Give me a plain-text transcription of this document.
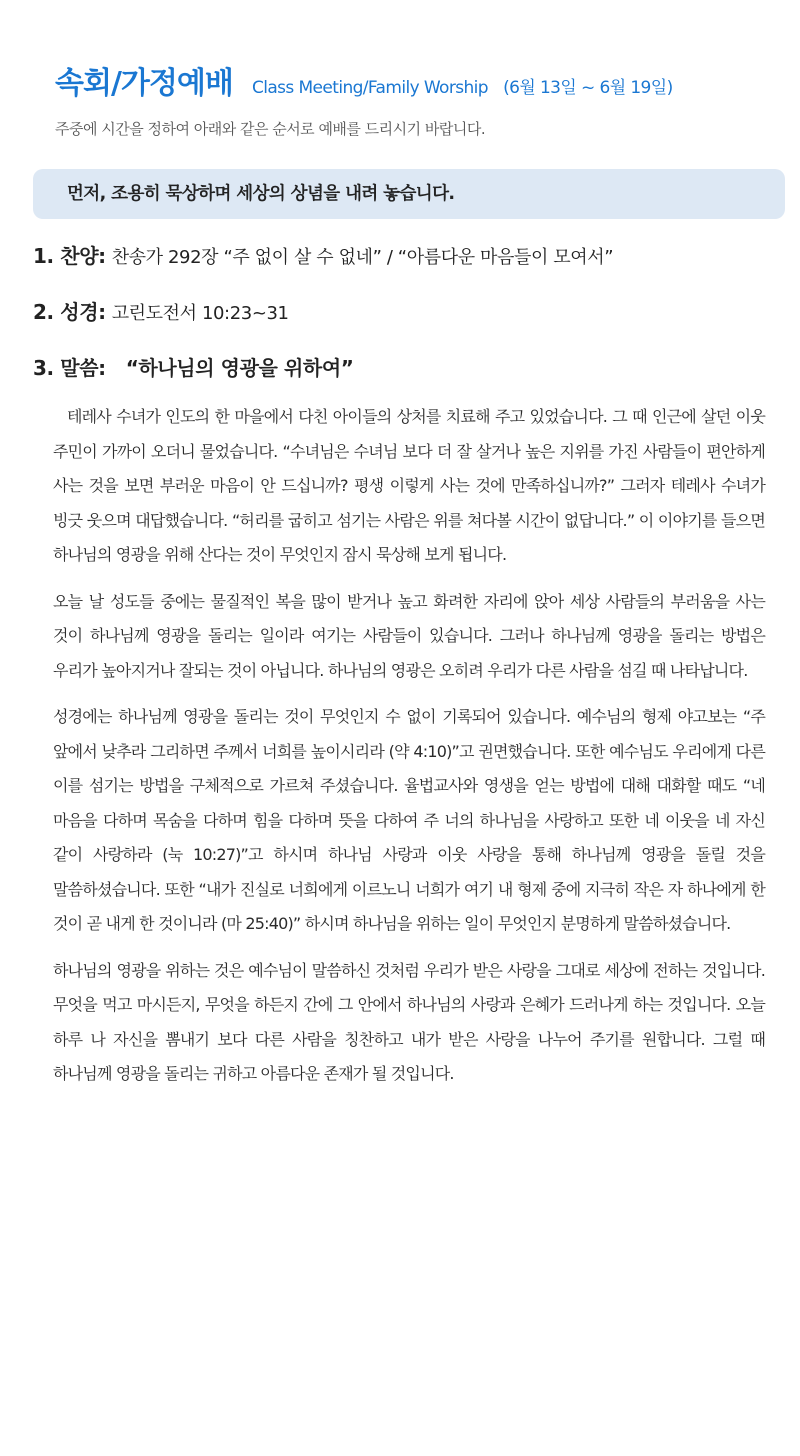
속회/가정예배 Class Meeting/Family Worship (6월 13일 ~ 6월 19일)
주중에 시간을 정하여 아래와 같은 순서로 예배를 드리시기 바랍니다.
먼저, 조용히 묵상하며 세상의 상념을 내려 놓습니다.
1. 찬양: 찬송가 292장 “주 없이 살 수 없네” / “아름다운 마음들이 모여서”
2. 성경: 고린도전서 10:23~31
3. 말씀: “하나님의 영광을 위하여”

테레사 수녀가 인도의 한 마을에서 다친 아이들의 상처를 치료해 주고 있었습니다. 그 때 인근에 살던 이웃 주민이 가까이 오더니 물었습니다. “수녀님은 수녀님 보다 더 잘 살거나 높은 지위를 가진 사람들이 편안하게 사는 것을 보면 부러운 마음이 안 드십니까? 평생 이렇게 사는 것에 만족하십니까?” 그러자 테레사 수녀가 빙긋 웃으며 대답했습니다. “허리를 굽히고 섬기는 사람은 위를 쳐다볼 시간이 없답니다.” 이 이야기를 들으면 하나님의 영광을 위해 산다는 것이 무엇인지 잠시 묵상해 보게 됩니다.

오늘 날 성도들 중에는 물질적인 복을 많이 받거나 높고 화려한 자리에 앉아 세상 사람들의 부러움을 사는 것이 하나님께 영광을 돌리는 일이라 여기는 사람들이 있습니다. 그러나 하나님께 영광을 돌리는 방법은 우리가 높아지거나 잘되는 것이 아닙니다. 하나님의 영광은 오히려 우리가 다른 사람을 섬길 때 나타납니다.

성경에는 하나님께 영광을 돌리는 것이 무엇인지 수 없이 기록되어 있습니다. 예수님의 형제 야고보는 “주 앞에서 낮추라 그리하면 주께서 너희를 높이시리라 (약 4:10)”고 권면했습니다. 또한 예수님도 우리에게 다른 이를 섬기는 방법을 구체적으로 가르쳐 주셨습니다. 율법교사와 영생을 얻는 방법에 대해 대화할 때도 “네 마음을 다하며 목숨을 다하며 힘을 다하며 뜻을 다하여 주 너의 하나님을 사랑하고 또한 네 이웃을 네 자신 같이 사랑하라 (눅 10:27)”고 하시며 하나님 사랑과 이웃 사랑을 통해 하나님께 영광을 돌릴 것을 말씀하셨습니다. 또한 “내가 진실로 너희에게 이르노니 너희가 여기 내 형제 중에 지극히 작은 자 하나에게 한 것이 곧 내게 한 것이니라 (마 25:40)” 하시며 하나님을 위하는 일이 무엇인지 분명하게 말씀하셨습니다.

하나님의 영광을 위하는 것은 예수님이 말씀하신 것처럼 우리가 받은 사랑을 그대로 세상에 전하는 것입니다. 무엇을 먹고 마시든지, 무엇을 하든지 간에 그 안에서 하나님의 사랑과 은혜가 드러나게 하는 것입니다. 오늘 하루 나 자신을 뽐내기 보다 다른 사람을 칭찬하고 내가 받은 사랑을 나누어 주기를 원합니다. 그럴 때 하나님께 영광을 돌리는 귀하고 아름다운 존재가 될 것입니다.
